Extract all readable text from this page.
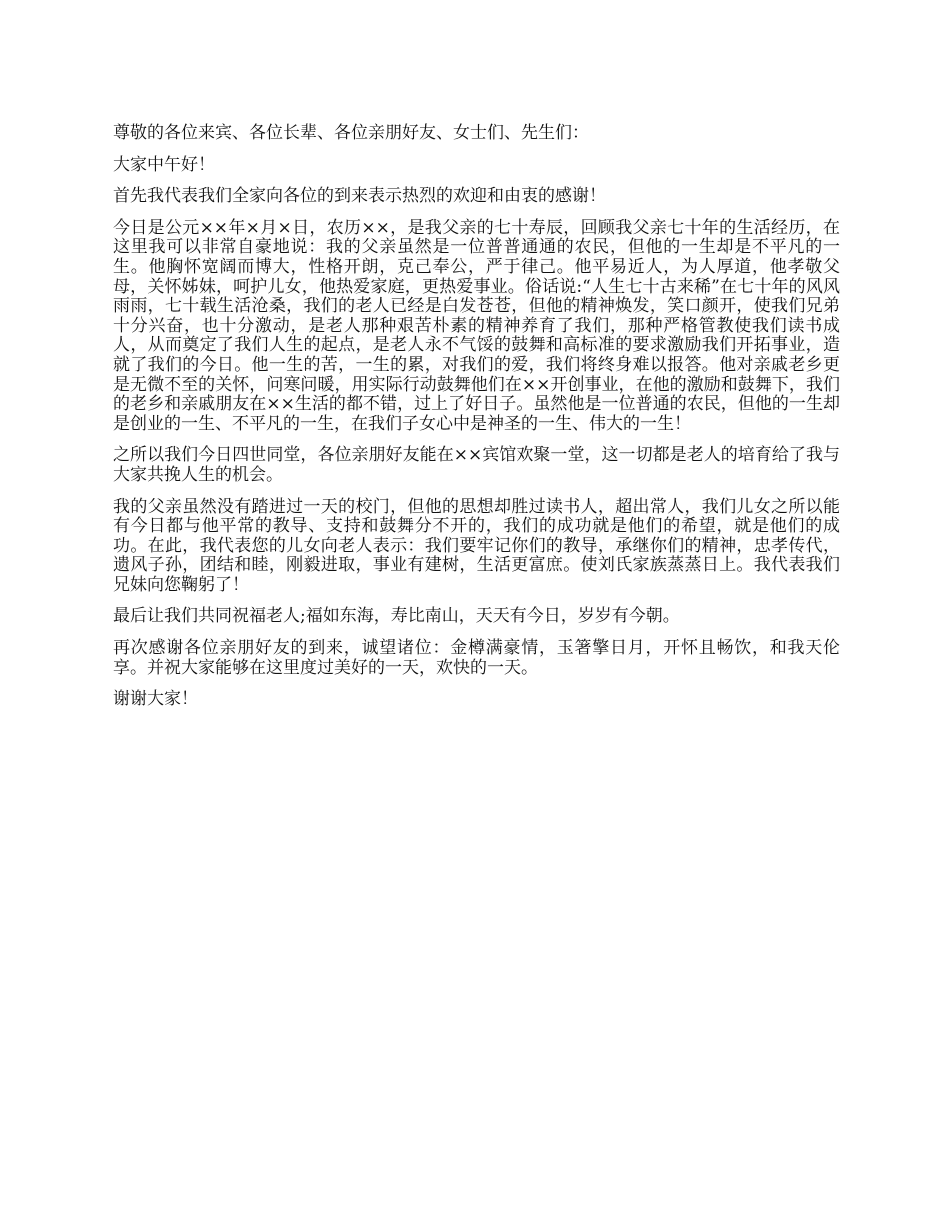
尊敬的各位来宾、各位长辈、各位亲朋好友、女士们、先生们：

大家中午好！

首先我代表我们全家向各位的到来表示热烈的欢迎和由衷的感谢！

今日是公元××年×月×日，农历××，是我父亲的七十寿辰，回顾我父亲七十年的生活经历，在这里我可以非常自豪地说：我的父亲虽然是一位普普通通的农民，但他的一生却是不平凡的一生。他胸怀宽阔而博大，性格开朗，克己奉公，严于律己。他平易近人，为人厚道，他孝敬父母，关怀姊妹，呵护儿女，他热爱家庭，更热爱事业。俗话说:“人生七十古来稀”在七十年的风风雨雨，七十载生活沧桑，我们的老人已经是白发苍苍，但他的精神焕发，笑口颜开，使我们兄弟十分兴奋，也十分激动，是老人那种艰苦朴素的精神养育了我们，那种严格管教使我们读书成人，从而奠定了我们人生的起点，是老人永不气馁的鼓舞和高标准的要求激励我们开拓事业，造就了我们的今日。他一生的苦，一生的累，对我们的爱，我们将终身难以报答。他对亲戚老乡更是无微不至的关怀，问寒问暖，用实际行动鼓舞他们在××开创事业，在他的激励和鼓舞下，我们的老乡和亲戚朋友在××生活的都不错，过上了好日子。虽然他是一位普通的农民，但他的一生却是创业的一生、不平凡的一生，在我们子女心中是神圣的一生、伟大的一生！

之所以我们今日四世同堂，各位亲朋好友能在××宾馆欢聚一堂，这一切都是老人的培育给了我与大家共挽人生的机会。

我的父亲虽然没有踏进过一天的校门，但他的思想却胜过读书人，超出常人，我们儿女之所以能有今日都与他平常的教导、支持和鼓舞分不开的，我们的成功就是他们的希望，就是他们的成功。在此，我代表您的儿女向老人表示：我们要牢记你们的教导，承继你们的精神，忠孝传代，遗风子孙，团结和睦，刚毅进取，事业有建树，生活更富庶。使刘氏家族蒸蒸日上。我代表我们兄妹向您鞠躬了！

最后让我们共同祝福老人;福如东海，寿比南山，天天有今日，岁岁有今朝。

再次感谢各位亲朋好友的到来，诚望诸位：金樽满豪情，玉箸擎日月，开怀且畅饮，和我天伦享。并祝大家能够在这里度过美好的一天，欢快的一天。

谢谢大家！
